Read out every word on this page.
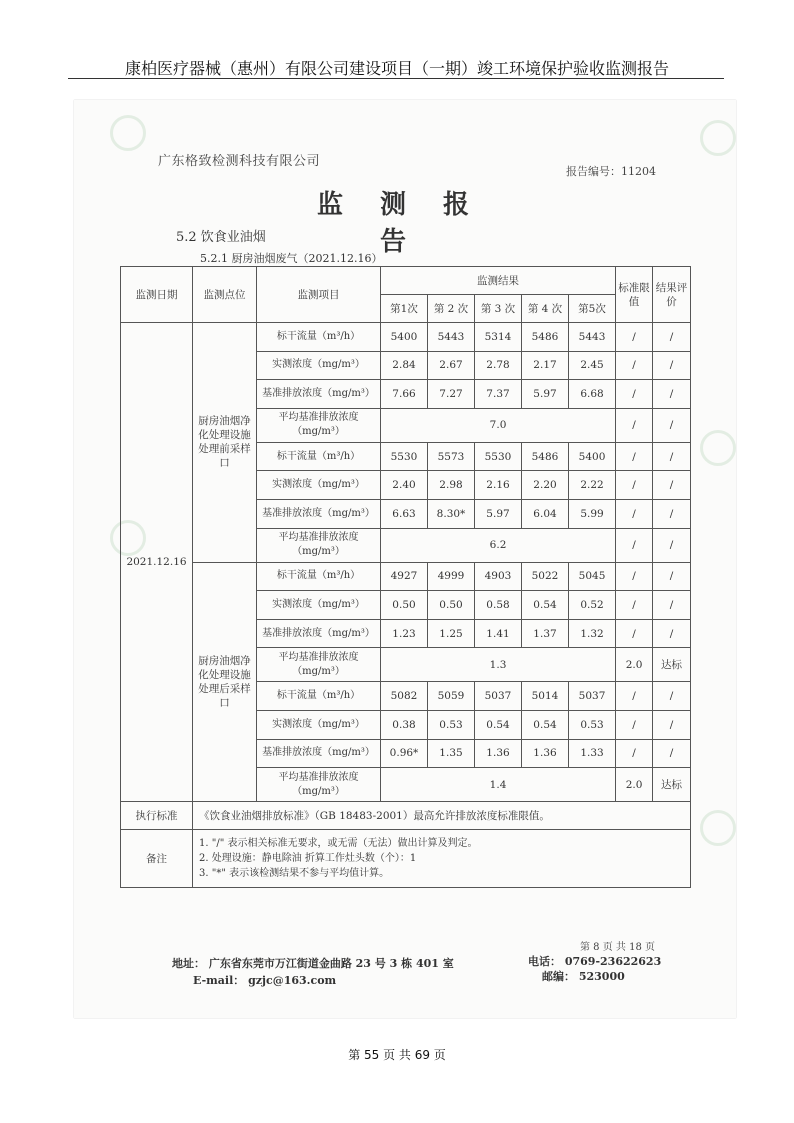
康柏医疗器械（惠州）有限公司建设项目（一期）竣工环境保护验收监测报告
广东格致检测科技有限公司
报告编号：11204
监 测 报 告
5.2 饮食业油烟
5.2.1 厨房油烟废气（2021.12.16）
监测日期	监测点位	监测项目	监测结果					标准限值	结果评价
			第1次	第 2 次	第 3 次	第 4 次	第5次		
2021.12.16	厨房油烟净化处理设施处理前采样口	标干流量（m³/h）	5400	5443	5314	5486	5443	/	/
		实测浓度（mg/m³）	2.84	2.67	2.78	2.17	2.45	/	/
		基准排放浓度（mg/m³）	7.66	7.27	7.37	5.97	6.68	/	/
		平均基准排放浓度（mg/m³）	7.0					/	/
		标干流量（m³/h）	5530	5573	5530	5486	5400	/	/
		实测浓度（mg/m³）	2.40	2.98	2.16	2.20	2.22	/	/
		基准排放浓度（mg/m³）	6.63	8.30*	5.97	6.04	5.99	/	/
		平均基准排放浓度（mg/m³）	6.2					/	/
	厨房油烟净化处理设施处理后采样口	标干流量（m³/h）	4927	4999	4903	5022	5045	/	/
		实测浓度（mg/m³）	0.50	0.50	0.58	0.54	0.52	/	/
		基准排放浓度（mg/m³）	1.23	1.25	1.41	1.37	1.32	/	/
		平均基准排放浓度（mg/m³）	1.3					2.0	达标
		标干流量（m³/h）	5082	5059	5037	5014	5037	/	/
		实测浓度（mg/m³）	0.38	0.53	0.54	0.54	0.53	/	/
		基准排放浓度（mg/m³）	0.96*	1.35	1.36	1.36	1.33	/	/
		平均基准排放浓度（mg/m³）	1.4					2.0	达标
执行标准	《饮食业油烟排放标准》（GB 18483-2001）最高允许排放浓度标准限值。								
备注	1. "/" 表示相关标准无要求，或无需（无法）做出计算及判定。
2. 处理设施：静电除油 折算工作灶头数（个）：1
3. "*" 表示该检测结果不参与平均值计算。								
第 8 页 共 18 页
地址： 广东省东莞市万江街道金曲路 23 号 3 栋 401 室
E-mail： gzjc@163.com
电话： 0769-23622623
邮编： 523000
第 55 页 共 69 页
